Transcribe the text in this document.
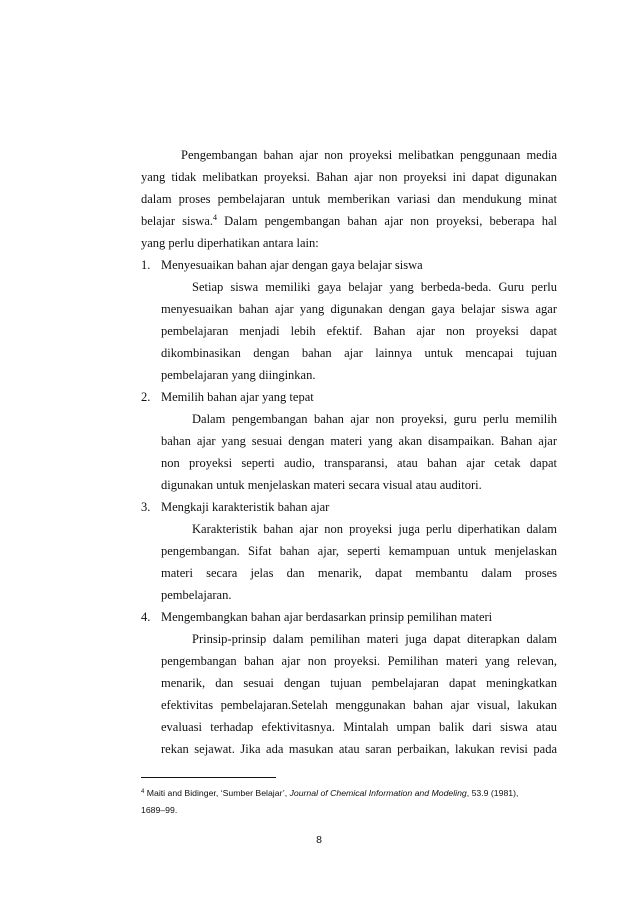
Pengembangan bahan ajar non proyeksi melibatkan penggunaan media
yang tidak melibatkan proyeksi. Bahan ajar non proyeksi ini dapat digunakan
dalam proses pembelajaran untuk memberikan variasi dan mendukung minat
belajar siswa.$^4$ Dalam pengembangan bahan ajar non proyeksi, beberapa hal
yang perlu diperhatikan antara lain:
1. Menyesuaikan bahan ajar dengan gaya belajar siswa
Setiap siswa memiliki gaya belajar yang berbeda-beda. Guru perlu
menyesuaikan bahan ajar yang digunakan dengan gaya belajar siswa agar
pembelajaran menjadi lebih efektif. Bahan ajar non proyeksi dapat
dikombinasikan dengan bahan ajar lainnya untuk mencapai tujuan
pembelajaran yang diinginkan.
2. Memilih bahan ajar yang tepat
Dalam pengembangan bahan ajar non proyeksi, guru perlu memilih
bahan ajar yang sesuai dengan materi yang akan disampaikan. Bahan ajar
non proyeksi seperti audio, transparansi, atau bahan ajar cetak dapat
digunakan untuk menjelaskan materi secara visual atau auditori.
3. Mengkaji karakteristik bahan ajar
Karakteristik bahan ajar non proyeksi juga perlu diperhatikan dalam
pengembangan. Sifat bahan ajar, seperti kemampuan untuk menjelaskan
materi secara jelas dan menarik, dapat membantu dalam proses
pembelajaran.
4. Mengembangkan bahan ajar berdasarkan prinsip pemilihan materi
Prinsip-prinsip dalam pemilihan materi juga dapat diterapkan dalam
pengembangan bahan ajar non proyeksi. Pemilihan materi yang relevan,
menarik, dan sesuai dengan tujuan pembelajaran dapat meningkatkan
efektivitas pembelajaran.Setelah menggunakan bahan ajar visual, lakukan
evaluasi terhadap efektivitasnya. Mintalah umpan balik dari siswa atau
rekan sejawat. Jika ada masukan atau saran perbaikan, lakukan revisi pada
$^4$ Maiti and Bidinger, ‘Sumber Belajar’, Journal of Chemical Information and Modeling, 53.9 (1981),
1689–99.
8
